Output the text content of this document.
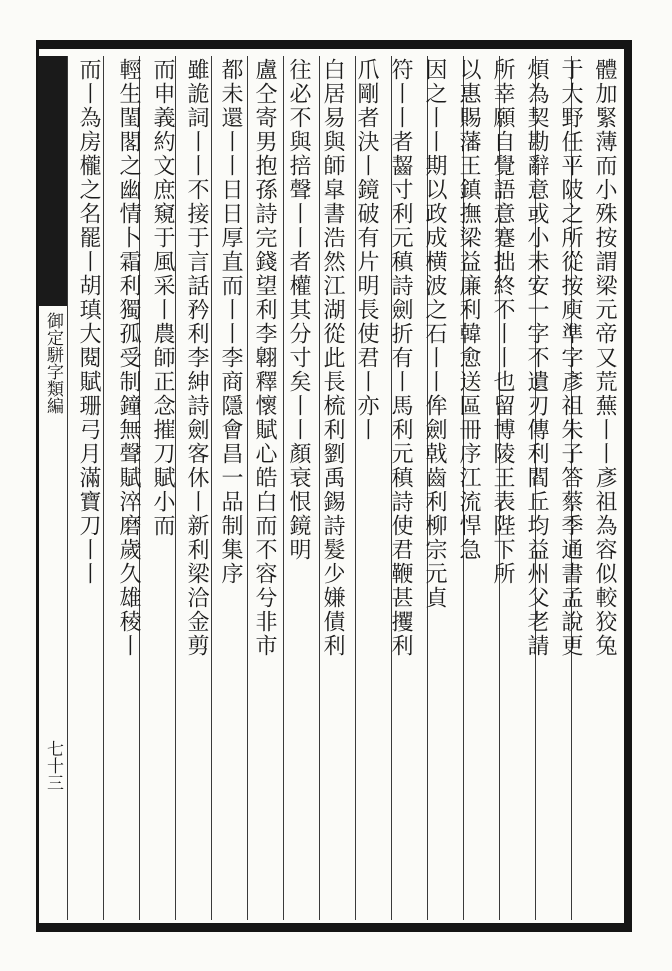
御定駢字類編
七十三
體加緊薄而小殊按謂梁元帝又荒蕪丨丨彥祖為容似較狡兔
于大野任平陂之所從按庾準字彥祖朱子答蔡季通書孟說更
煩為契勘辭意或小未安一字不遺刃傳利閻丘均益州父老請
所幸願自覺語意蹇拙終不丨丨也留博陵王表陛下所
以惠賜藩王鎮撫梁益廉利韓愈送區冊序江流悍急
因之丨丨期以政成横波之石丨丨侔劍戟齒利柳宗元貞
符丨丨者齧寸利元稹詩劍折有丨馬利元稹詩使君鞭甚攫利
爪剛者決丨鏡破有片明長使君丨亦丨
白居易與師皐書浩然江湖從此長梳利劉禹錫詩髮少嫌債利
往必不與掊聲丨丨者權其分寸矣丨丨顏衰恨鏡明
盧仝寄男抱孫詩完錢望利李翺釋懷賦心皓白而不容兮非市
都未還丨丨日日厚直而丨丨李商隱會昌一品制集序
雖詭詞丨丨不接于言話矜利李紳詩劍客休丨新利梁洽金剪
而申義約文庶窺于風采丨農師正念摧刀賦小而
輕生閨閣之幽情卜霜利獨孤受制鐘無聲賦淬磨歲久雄稜丨
而丨為房櫳之名罷丨胡瑱大閱賦珊弓月滿寶刀丨丨
